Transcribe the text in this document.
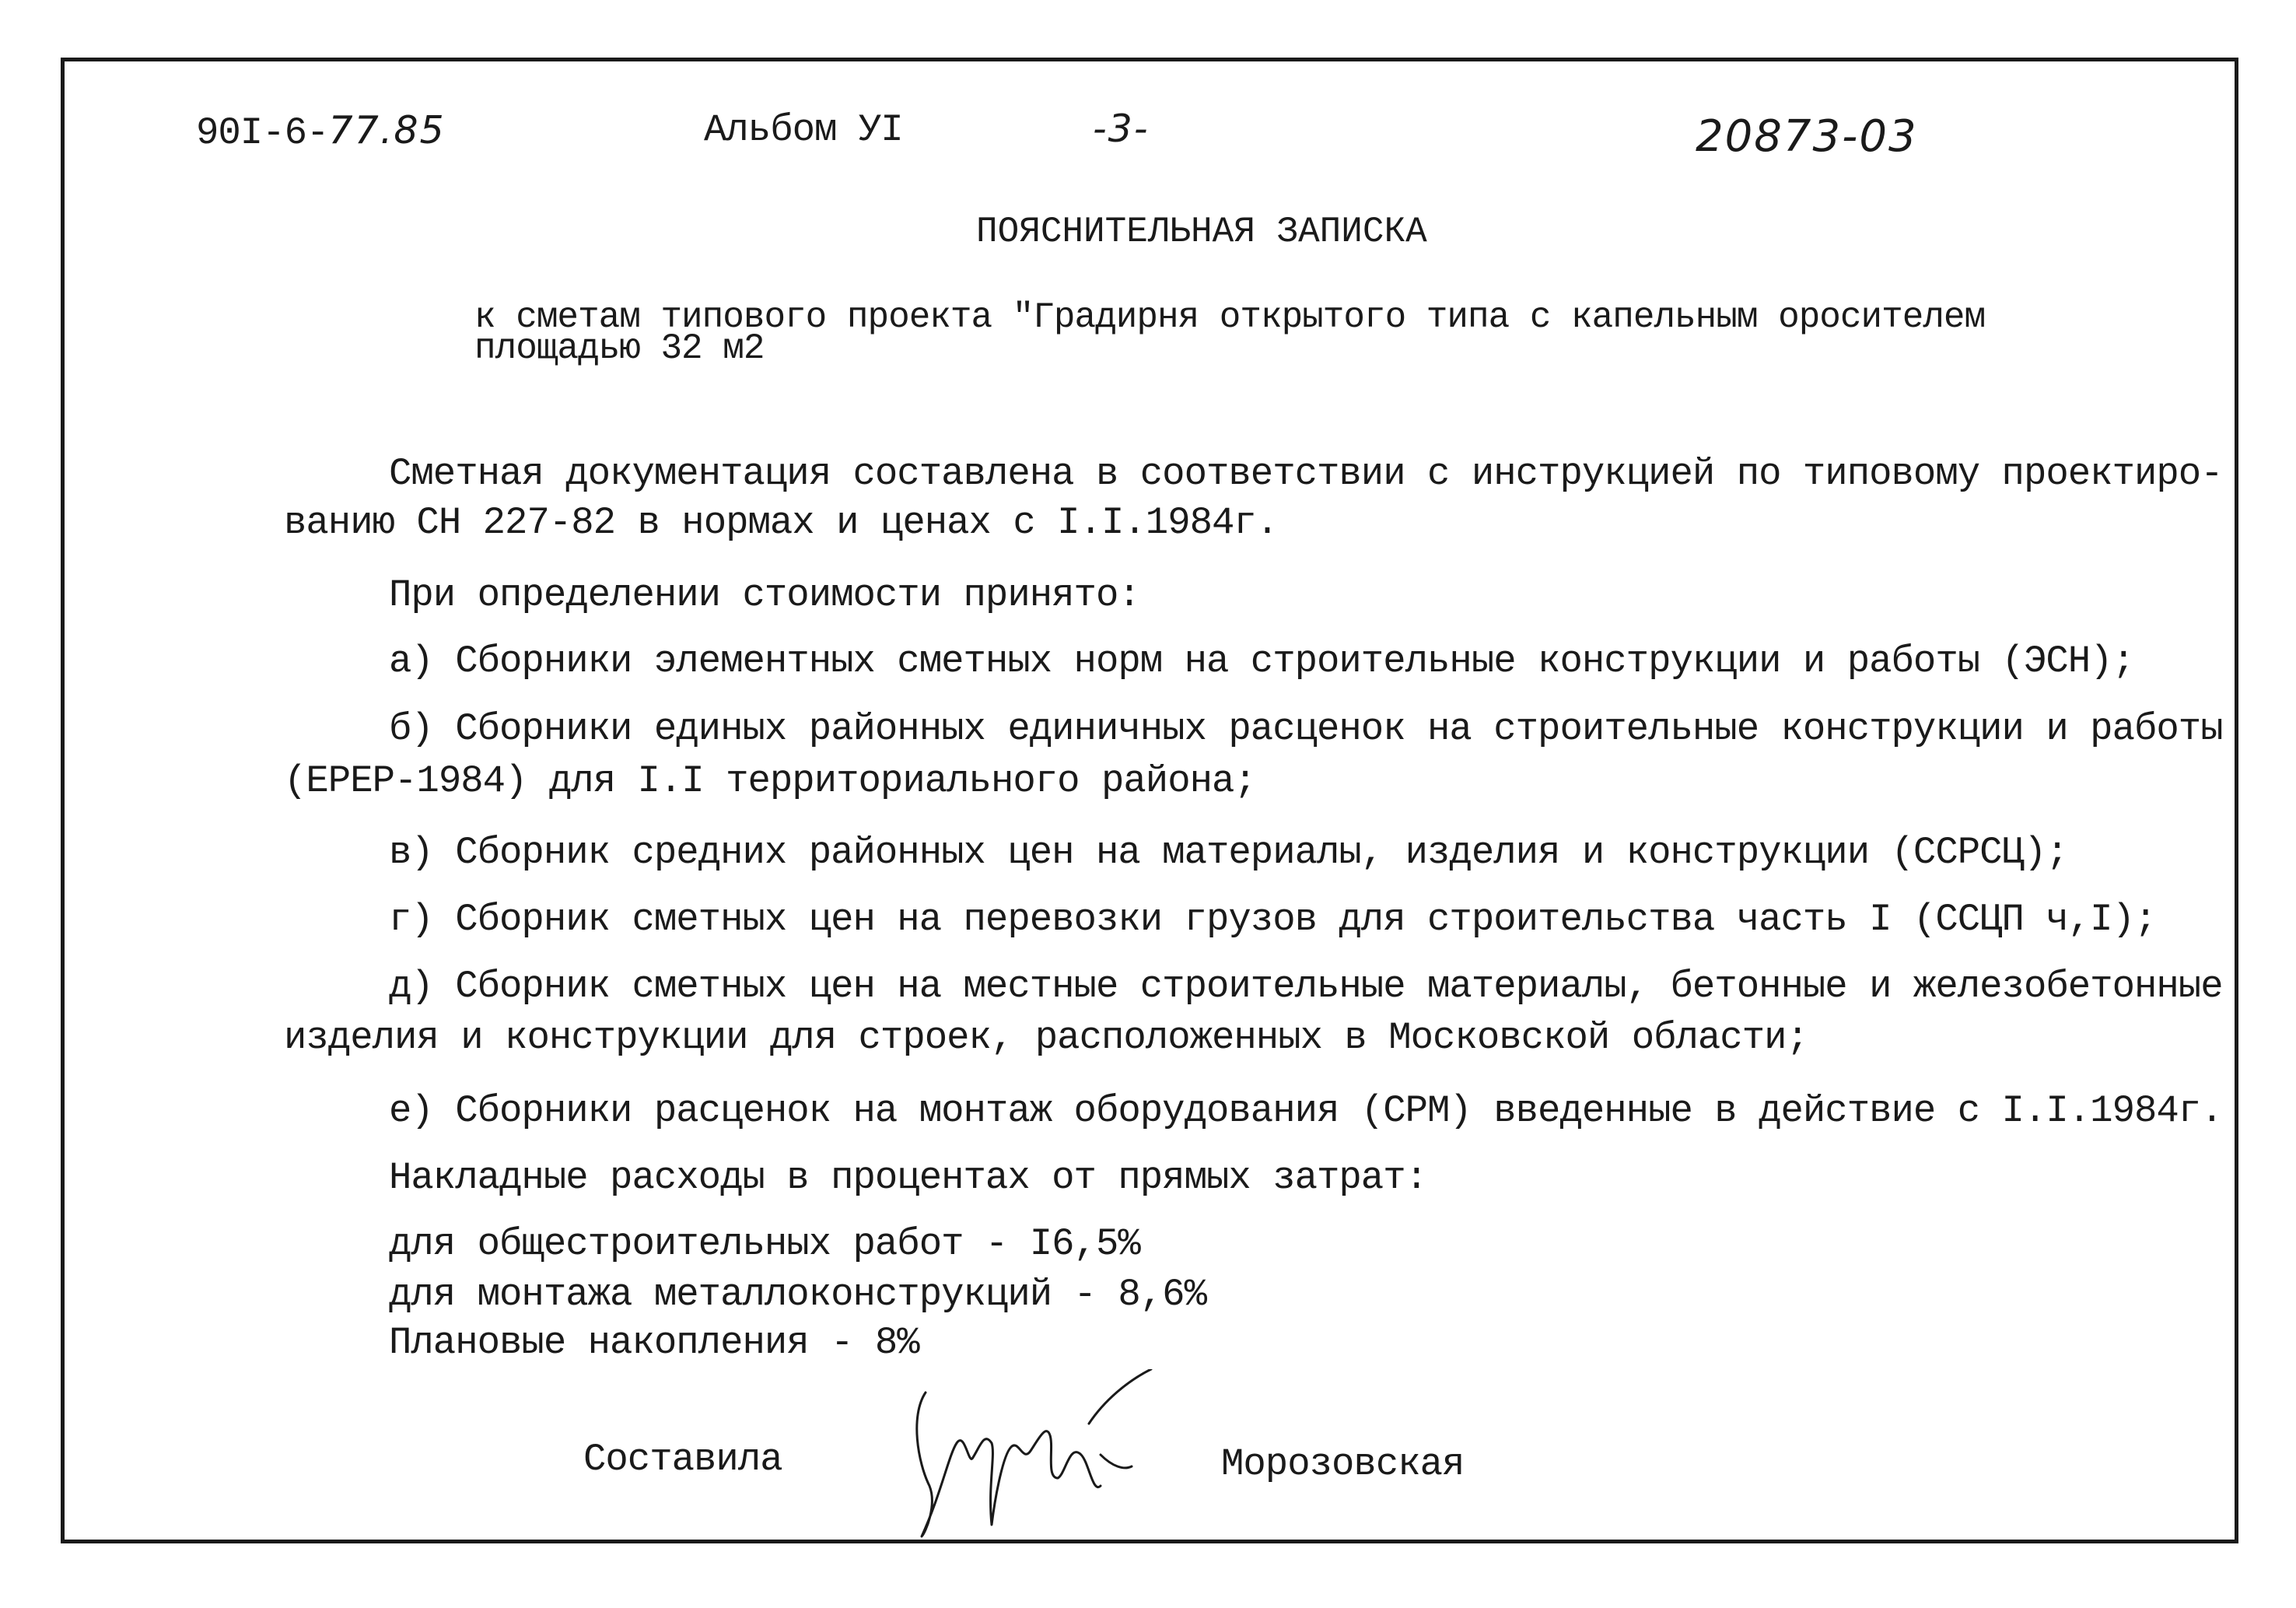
90I-6-77.85	Альбом УI	-3-	20873-03
ПОЯСНИТЕЛЬНАЯ ЗАПИСКА
к сметам типового проекта "Градирня открытого типа с капельным оросителем
площадью 32 м2
Сметная документация составлена в соответствии с инструкцией по типовому проектиро-
ванию СН 227-82 в нормах и ценах с I.I.1984г.
При определении стоимости принято:
а) Сборники элементных сметных норм на строительные конструкции и работы (ЭСН);
б) Сборники единых районных единичных расценок на строительные конструкции и работы
(ЕРЕР-1984) для I.I территориального района;
в) Сборник средних районных цен на материалы, изделия и конструкции (ССРСЦ);
г) Сборник сметных цен на перевозки грузов для строительства часть I (ССЦП ч,I);
д) Сборник сметных цен на местные строительные материалы, бетонные и железобетонные
изделия и конструкции для строек, расположенных в Московской области;
е) Сборники расценок на монтаж оборудования (СРМ) введенные в действие с I.I.1984г.
Накладные расходы в процентах от прямых затрат:
для общестроительных работ - I6,5%
для монтажа металлоконструкций - 8,6%
Плановые накопления - 8%
Составила	Морозовская
